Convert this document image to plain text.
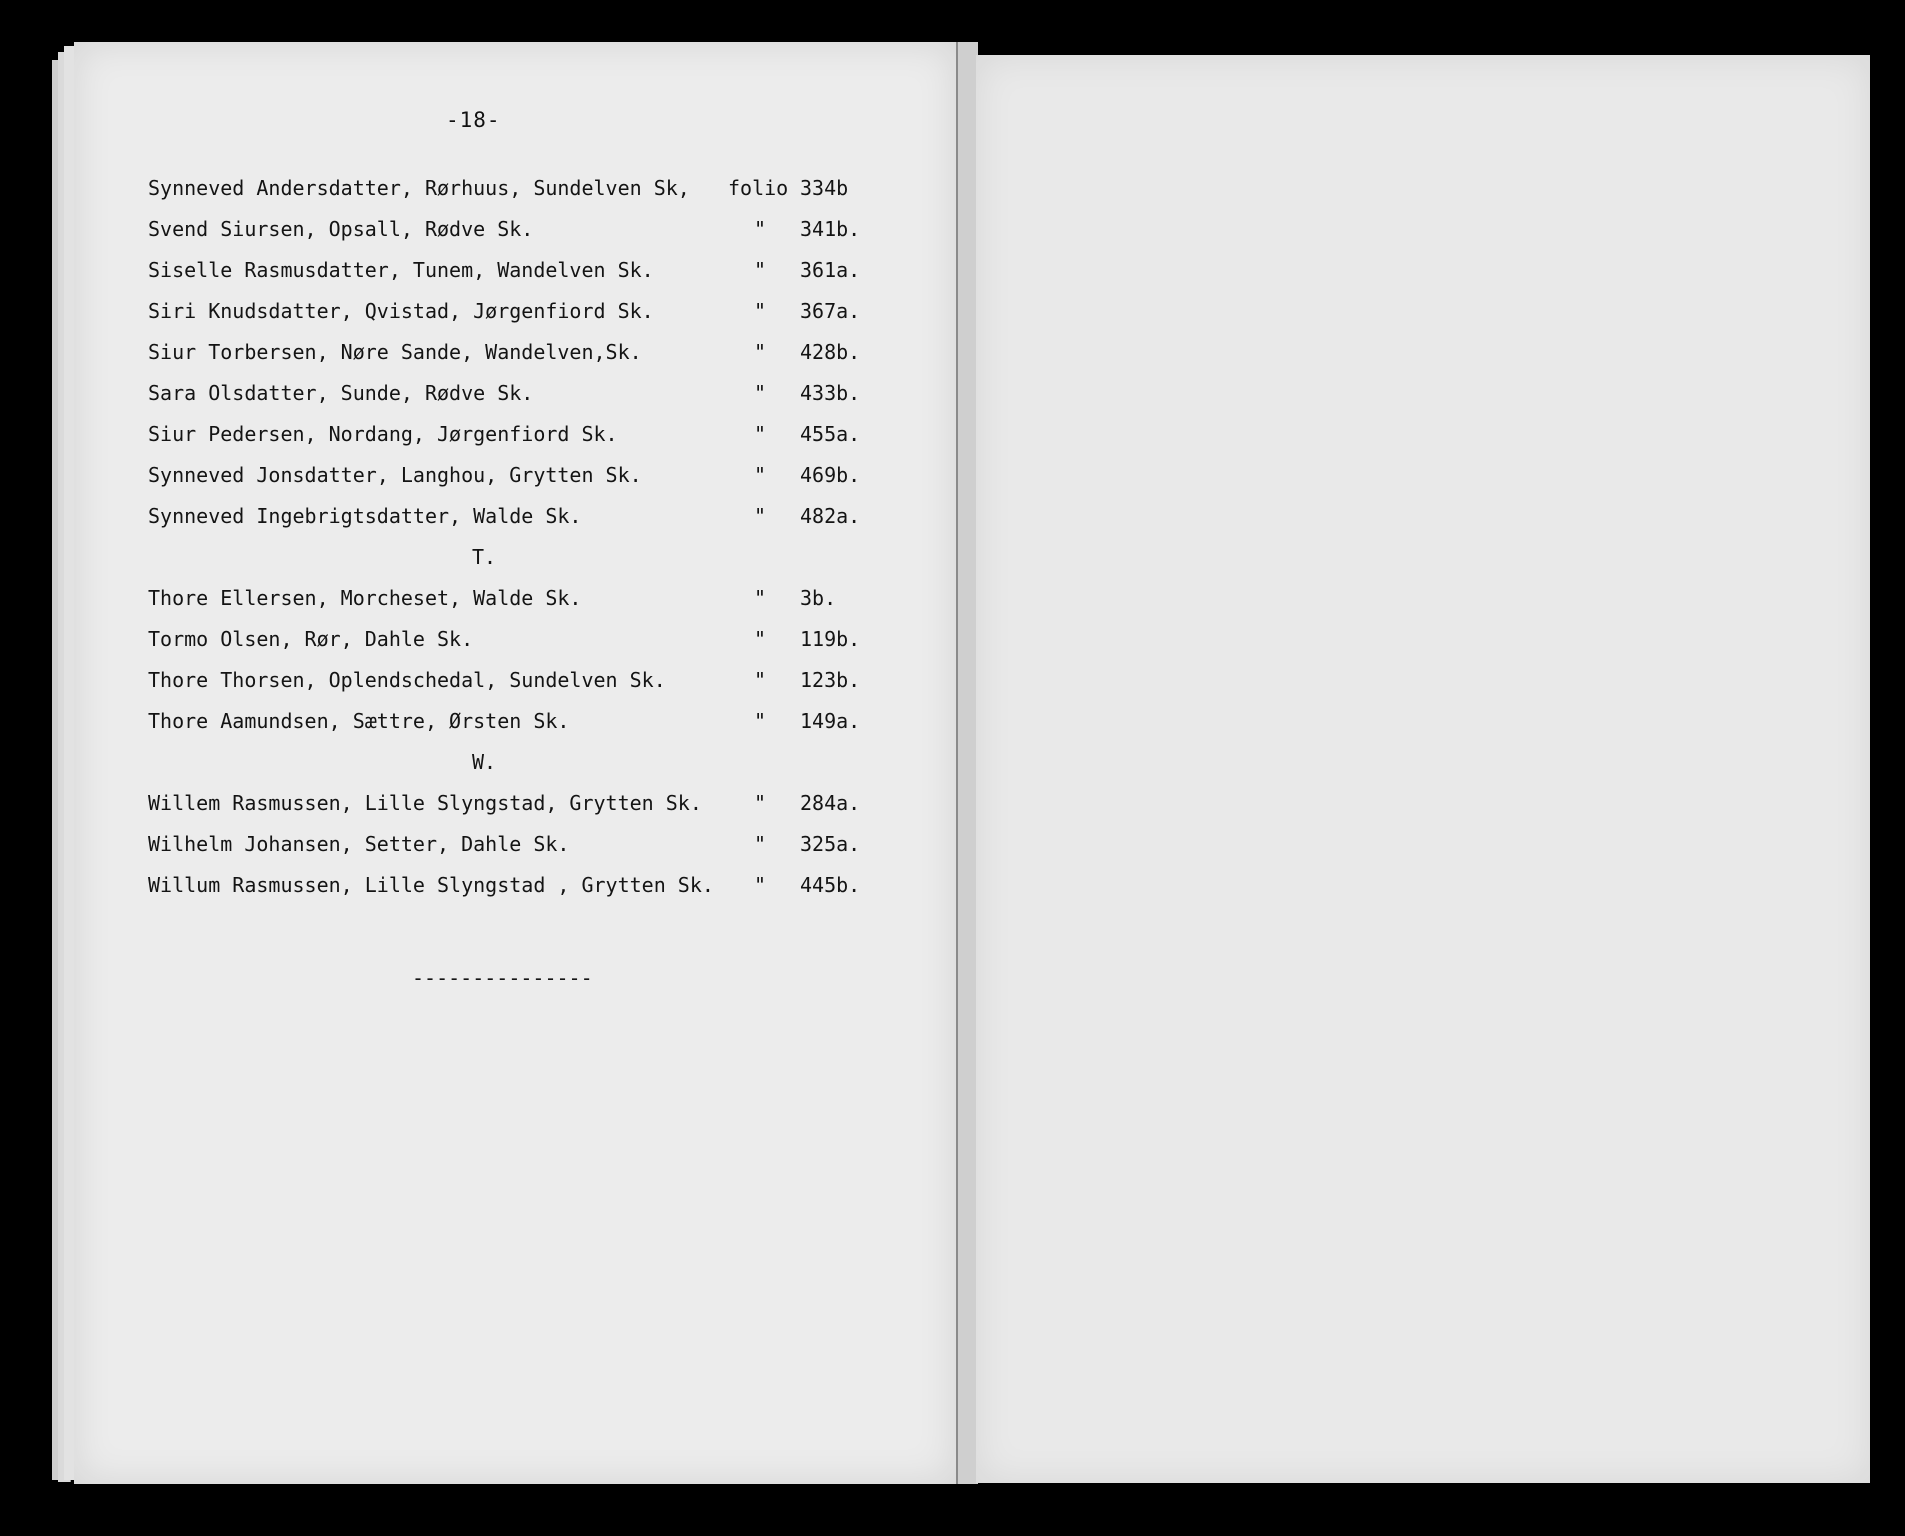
-18-
Synneved Andersdatter, Rørhuus, Sundelven Sk, folio 334b
Svend Siursen, Opsall, Rødve Sk.	" 341b.
Siselle Rasmusdatter, Tunem, Wandelven Sk.	" 361a.
Siri Knudsdatter, Qvistad, Jørgenfiord Sk.	" 367a.
Siur Torbersen, Nøre Sande, Wandelven,Sk.	" 428b.
Sara Olsdatter, Sunde, Rødve Sk.	" 433b.
Siur Pedersen, Nordang, Jørgenfiord Sk.	" 455a.
Synneved Jonsdatter, Langhou, Grytten Sk.	" 469b.
Synneved Ingebrigtsdatter, Walde Sk.	" 482a.
T.
Thore Ellersen, Morcheset, Walde Sk.	" 3b.
Tormo Olsen, Rør, Dahle Sk.	" 119b.
Thore Thorsen, Oplendschedal, Sundelven Sk.	" 123b.
Thore Aamundsen, Sættre, Ørsten Sk.	" 149a.
W.
Willem Rasmussen, Lille Slyngstad, Grytten Sk.	" 284a.
Wilhelm Johansen, Setter, Dahle Sk.	" 325a.
Willum Rasmussen, Lille Slyngstad , Grytten Sk. " 445b.
---------------
